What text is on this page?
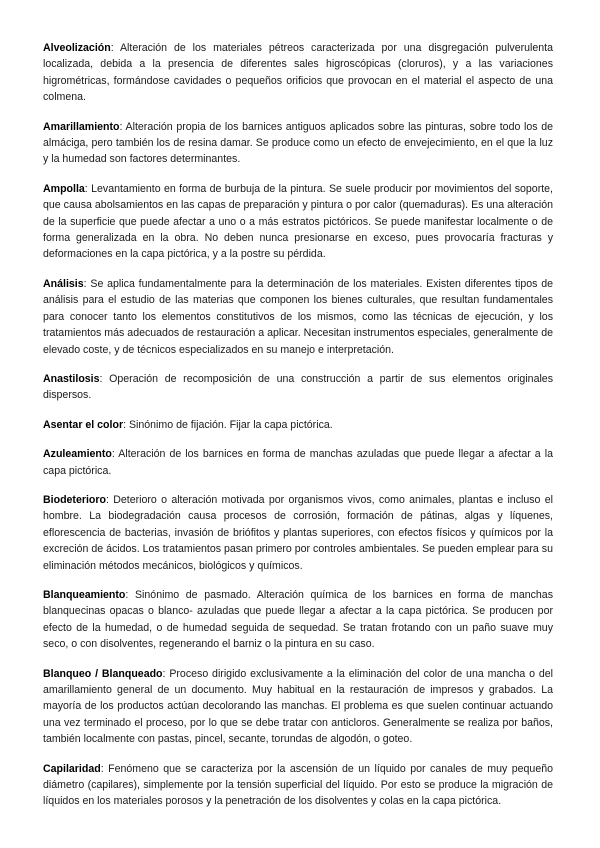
Alveolización: Alteración de los materiales pétreos caracterizada por una disgregación pulverulenta localizada, debida a la presencia de diferentes sales higroscópicas (cloruros), y a las variaciones higrométricas, formándose cavidades o pequeños orificios que provocan en el material el aspecto de una colmena.

Amarillamiento: Alteración propia de los barnices antiguos aplicados sobre las pinturas, sobre todo los de almáciga, pero también los de resina damar. Se produce como un efecto de envejecimiento, en el que la luz y la humedad son factores determinantes.

Ampolla: Levantamiento en forma de burbuja de la pintura. Se suele producir por movimientos del soporte, que causa abolsamientos en las capas de preparación y pintura o por calor (quemaduras). Es una alteración de la superficie que puede afectar a uno o a más estratos pictóricos. Se puede manifestar localmente o de forma generalizada en la obra. No deben nunca presionarse en exceso, pues provocaría fracturas y deformaciones en la capa pictórica, y a la postre su pérdida.

Análisis: Se aplica fundamentalmente para la determinación de los materiales. Existen diferentes tipos de análisis para el estudio de las materias que componen los bienes culturales, que resultan fundamentales para conocer tanto los elementos constitutivos de los mismos, como las técnicas de ejecución, y los tratamientos más adecuados de restauración a aplicar. Necesitan instrumentos especiales, generalmente de elevado coste, y de técnicos especializados en su manejo e interpretación.

Anastilosis: Operación de recomposición de una construcción a partir de sus elementos originales dispersos.

Asentar el color: Sinónimo de fijación. Fijar la capa pictórica.

Azuleamiento: Alteración de los barnices en forma de manchas azuladas que puede llegar a afectar a la capa pictórica.

Biodeterioro: Deterioro o alteración motivada por organismos vivos, como animales, plantas e incluso el hombre. La biodegradación causa procesos de corrosión, formación de pátinas, algas y líquenes, eflorescencia de bacterias, invasión de briófitos y plantas superiores, con efectos físicos y químicos por la excreción de ácidos. Los tratamientos pasan primero por controles ambientales. Se pueden emplear para su eliminación métodos mecánicos, biológicos y químicos.

Blanqueamiento: Sinónimo de pasmado. Alteración química de los barnices en forma de manchas blanquecinas opacas o blanco- azuladas que puede llegar a afectar a la capa pictórica. Se producen por efecto de la humedad, o de humedad seguida de sequedad. Se tratan frotando con un paño suave muy seco, o con disolventes, regenerando el barniz o la pintura en su caso.

Blanqueo / Blanqueado: Proceso dirigido exclusivamente a la eliminación del color de una mancha o del amarillamiento general de un documento. Muy habitual en la restauración de impresos y grabados. La mayoría de los productos actúan decolorando las manchas. El problema es que suelen continuar actuando una vez terminado el proceso, por lo que se debe tratar con anticloros. Generalmente se realiza por baños, también localmente con pastas, pincel, secante, torundas de algodón, o goteo.

Capilaridad: Fenómeno que se caracteriza por la ascensión de un líquido por canales de muy pequeño diámetro (capilares), simplemente por la tensión superficial del líquido. Por esto se produce la migración de líquidos en los materiales porosos y la penetración de los disolventes y colas en la capa pictórica.
